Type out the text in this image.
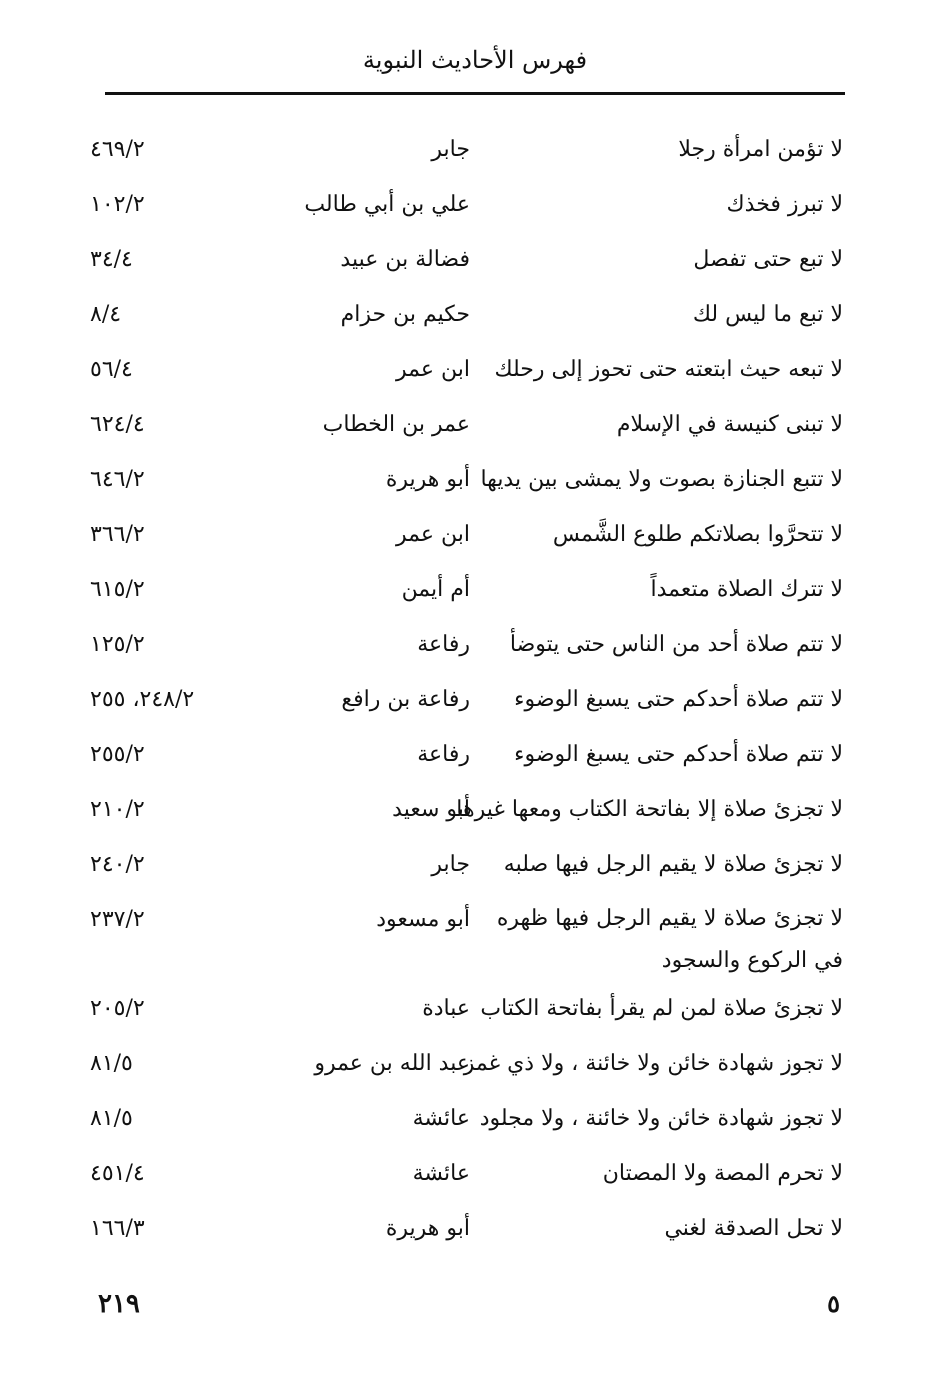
فهرس الأحاديث النبوية
لا تؤمن امرأة رجلا
جابر
٤٦٩/٢
لا تبرز فخذك
علي بن أبي طالب
١٠٢/٢
لا تبع حتى تفصل
فضالة بن عبيد
٣٤/٤
لا تبع ما ليس لك
حكيم بن حزام
٨/٤
لا تبعه حيث ابتعته حتى تحوز إلى رحلك
ابن عمر
٥٦/٤
لا تبنى كنيسة في الإسلام
عمر بن الخطاب
٦٢٤/٤
لا تتبع الجنازة بصوت ولا يمشى بين يديها
أبو هريرة
٦٤٦/٢
لا تتحرَّوا بصلاتكم طلوع الشَّمس
ابن عمر
٣٦٦/٢
لا تترك الصلاة متعمداً
أم أيمن
٦١٥/٢
لا تتم صلاة أحد من الناس حتى يتوضأ
رفاعة
١٢٥/٢
لا تتم صلاة أحدكم حتى يسبغ الوضوء
رفاعة بن رافع
٢٤٨/٢، ٢٥٥
لا تتم صلاة أحدكم حتى يسبغ الوضوء
رفاعة
٢٥٥/٢
لا تجزئ صلاة إلا بفاتحة الكتاب ومعها غيرها
أبو سعيد
٢١٠/٢
لا تجزئ صلاة لا يقيم الرجل فيها صلبه
جابر
٢٤٠/٢
لا تجزئ صلاة لا يقيم الرجل فيها ظهره في الركوع والسجود
أبو مسعود
٢٣٧/٢
لا تجزئ صلاة لمن لم يقرأ بفاتحة الكتاب
عبادة
٢٠٥/٢
لا تجوز شهادة خائن ولا خائنة ، ولا ذي غمز
عبد الله بن عمرو
٨١/٥
لا تجوز شهادة خائن ولا خائنة ، ولا مجلود
عائشة
٨١/٥
لا تحرم المصة ولا المصتان
عائشة
٤٥١/٤
لا تحل الصدقة لغني
أبو هريرة
١٦٦/٣
٢١٩	٥
